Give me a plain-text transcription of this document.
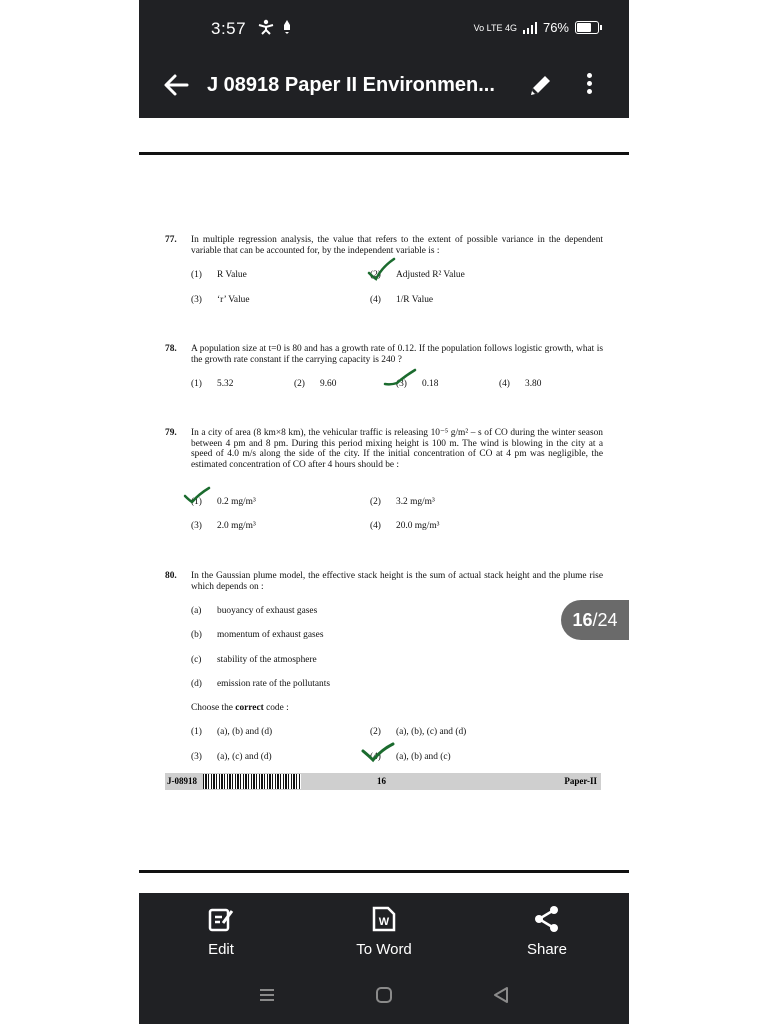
3:57	Vo LTE 4G 76%
J 08918 Paper II Environmen...
77. In multiple regression analysis, the value that refers to the extent of possible variance in the dependent variable that can be accounted for, by the independent variable is :
(1) R Value	(2) Adjusted R² Value
(3) ‘r’ Value	(4) 1/R Value
78. A population size at t=0 is 80 and has a growth rate of 0.12. If the population follows logistic growth, what is the growth rate constant if the carrying capacity is 240 ?
(1) 5.32	(2) 9.60	(3) 0.18	(4) 3.80
79. In a city of area (8 km×8 km), the vehicular traffic is releasing 10⁻⁵ g/m² – s of CO during the winter season between 4 pm and 8 pm. During this period mixing height is 100 m. The wind is blowing in the city at a speed of 4.0 m/s along the side of the city. If the initial concentration of CO at 4 pm was negligible, the estimated concentration of CO after 4 hours should be :
(1) 0.2 mg/m³	(2) 3.2 mg/m³
(3) 2.0 mg/m³	(4) 20.0 mg/m³
80. In the Gaussian plume model, the effective stack height is the sum of actual stack height and the plume rise which depends on :
(a) buoyancy of exhaust gases
(b) momentum of exhaust gases
(c) stability of the atmosphere
(d) emission rate of the pollutants
Choose the correct code :
(1) (a), (b) and (d)	(2) (a), (b), (c) and (d)
(3) (a), (c) and (d)	(4) (a), (b) and (c)
J-08918	16	Paper-II
16/24
Edit
W
To Word	Share
